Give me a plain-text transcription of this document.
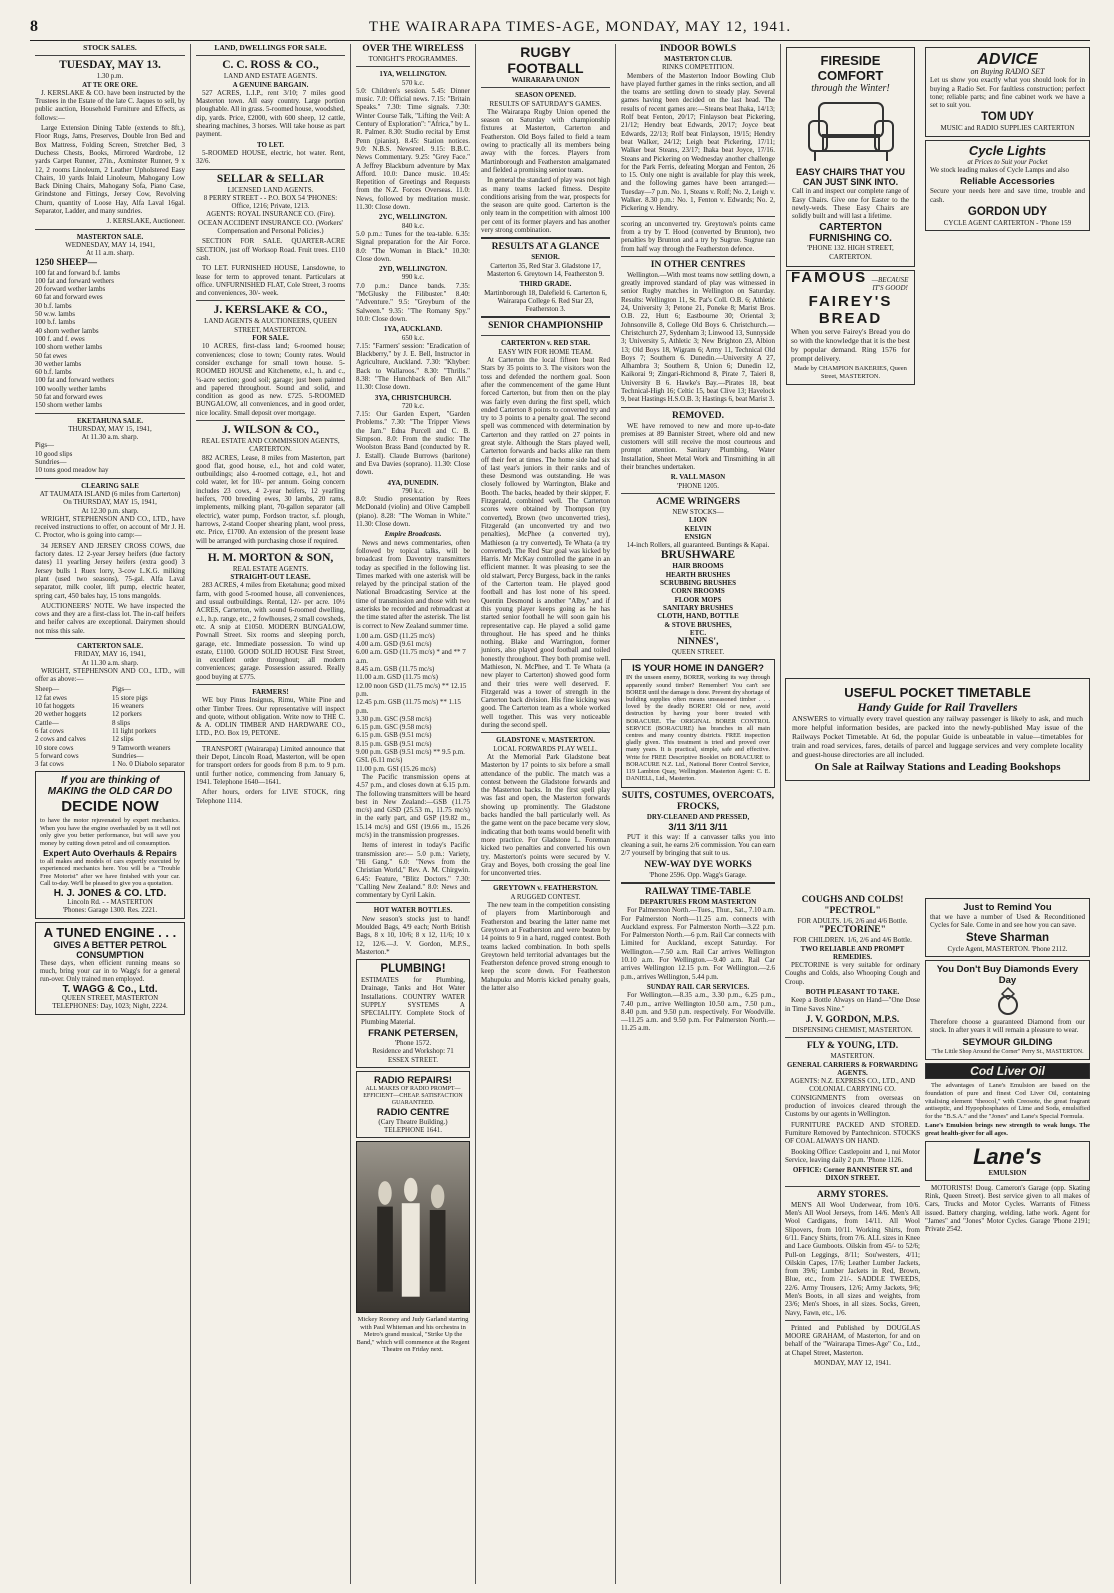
8	THE WAIRARAPA TIMES-AGE, MONDAY, MAY 12, 1941.
STOCK SALES.
TUESDAY, MAY 13.
1.30 p.m.
AT TE ORE ORE.

J. KERSLAKE & CO. have been instructed by the Trustees in the Estate of the late C. Jaques to sell, by public auction, Household Furniture and Effects, as follows:—

Large Extension Dining Table (extends to 8ft.), Floor Rugs, Jams, Preserves, Double Iron Bed and Box Mattress, Folding Screen, Stretcher Bed, 3 Duchess Chests, Books, Mirrored Wardrobe, 12 yards Carpet Runner, 27in., Axminster Runner, 9 x 12, 2 rooms Linoleum, 2 Leather Upholstered Easy Chairs, 10 yards Inlaid Linoleum, Mahogany Low Back Dining Chairs, Mahogany Sofa, Piano Case, Grindstone and Fittings, Jersey Cow, Revolving Churn, quantity of Loose Hay, Alfa Laval 16gal. Separator, Ladder, and many sundries.

J. KERSLAKE, Auctioneer.
MASTERTON SALE.
WEDNESDAY, MAY 14, 1941,
At 11 a.m. sharp.
1250 SHEEP—
100 fat and forward b.f. lambs
100 fat and forward wethers
20 forward wether lambs
60 fat and forward ewes
30 b.f. lambs
50 w.w. lambs
100 b.f. lambs
40 shorn wether lambs
100 f. and f. ewes
100 shorn wether lambs
50 fat ewes
30 wether lambs
60 b.f. lambs
100 fat and forward wethers
100 woolly wether lambs
50 fat and forward ewes
150 shorn wether lambs
EKETAHUNA SALE.
THURSDAY, MAY 15, 1941,
At 11.30 a.m. sharp.
Pigs—
10 good slips
Sundries—
10 tons good meadow hay
CLEARING SALE
AT TAUMATA ISLAND (6 miles from Carterton)
On THURSDAY, MAY 15, 1941,
At 12.30 p.m. sharp.

WRIGHT, STEPHENSON AND CO., LTD., have received instructions to offer, on account of Mr J. H. C. Proctor, who is going into camp:—

34 JERSEY AND JERSEY CROSS COWS, due factory dates. 12 2-year Jersey heifers (due factory dates) 11 yearling Jersey heifers (extra good) 3 Jersey bulls 1 Ruex lorry, 3-cow L.K.G. milking plant (used two seasons), 75-gal. Alfa Laval separator, milk cooler, lift pump, electric heater, spring cart, 450 bales hay, 15 tons mangolds.

AUCTIONEERS' NOTE. We have inspected the cows and they are a first-class lot. The in-calf heifers and heifer calves are exceptional. Dairymen should not miss this sale.

CARTERTON SALE.
FRIDAY, MAY 16, 1941,
At 11.30 a.m. sharp.

WRIGHT, STEPHENSON AND CO., LTD., will offer as above:—

Sheep—
12 fat ewes
10 fat hoggets
20 wether hoggets
Cattle—
6 fat cows
2 cows and calves
10 store cows
5 forward cows
3 fat cows
Pigs—
15 store pigs
16 weaners
12 porkers
8 slips
11 light porkers
12 slips
9 Tamworth weaners
Sundries—
1 No. 0 Diabolo separator
If you are thinking of MAKING the OLD CAR DO
DECIDE NOW

to have the motor rejuvenated by expert mechanics. When you have the engine overhauled by us it will not only give you better performance, but will save you money by cutting down petrol and oil consumption.

Expert Auto Overhauls & Repairs

to all makes and models of cars expertly executed by experienced mechanics here. You will be a "Trouble Free Motorist" after we have finished with your car. Call to-day. We'll be pleased to give you a quotation.

H. J. JONES & CO. LTD.
Lincoln Rd. - - MASTERTON
'Phones: Garage 1300. Res. 2221.
A TUNED ENGINE . . .
GIVES A BETTER PETROL CONSUMPTION

These days, when efficient running means so much, bring your car in to Wagg's for a general run-over. Only trained men employed.

T. WAGG & Co., Ltd.
QUEEN STREET, MASTERTON
TELEPHONES: Day, 1023; Night, 2224.
LAND, DWELLINGS FOR SALE.
C. C. ROSS & CO.,
LAND AND ESTATE AGENTS.
A GENUINE BARGAIN.

527 ACRES, L.I.P., rent 3/10; 7 miles good Masterton town. All easy country. Large portion ploughable. All in grass. 5-roomed house, woodshed, dip, yards. Price, £2000, with 600 sheep, 12 cattle, shearing machines, 3 horses. Will take house as part payment.

TO LET.

5-ROOMED HOUSE, electric, hot water. Rent, 32/6.

SELLAR & SELLAR
LICENSED LAND AGENTS.
8 PERRY STREET - - P.O. BOX 54 'PHONES: Office, 1216; Private, 1213.

AGENTS: ROYAL INSURANCE CO. (Fire). OCEAN ACCIDENT INSURANCE CO. (Workers' Compensation and Personal Policies.)

SECTION FOR SALE. QUARTER-ACRE SECTION, just off Worksop Road. Fruit trees. £110 cash.

TO LET. FURNISHED HOUSE, Lansdowne, to lease for term to approved tenant. Particulars at office. UNFURNISHED FLAT, Cole Street, 3 rooms and conveniences, 30/- week.

J. KERSLAKE & CO.,
LAND AGENTS & AUCTIONEERS, QUEEN STREET, MASTERTON.
FOR SALE.

10 ACRES, first-class land; 6-roomed house; conveniences; close to town; County rates. Would consider exchange for small town house. 5-ROOMED HOUSE and Kitchenette, e.l., h. and c., ¼-acre section; good soil; garage; just been painted and papered throughout. Sound and solid, and condition as good as new. £725. 5-ROOMED BUNGALOW, all conveniences, and in good order, nice locality. Small deposit over mortgage.

J. WILSON & CO.,
REAL ESTATE AND COMMISSION AGENTS, CARTERTON.

882 ACRES, Lease, 8 miles from Masterton, part good flat, good house, e.l., hot and cold water, outbuildings; also 4-roomed cottage, e.l., hot and cold water, let for 10/- per annum. Going concern includes 23 cows, 4 2-year heifers, 12 yearling heifers, 700 breeding ewes, 30 lambs, 20 rams, implements, milking plant, 70-gallon separator (all electric), water pump, Fordson tractor, s.f. plough, harrows, 2-stand Cooper shearing plant, wool press, etc. Price, £1700. An extension of the present lease will be arranged with purchasing chose if required.

H. M. MORTON & SON,
REAL ESTATE AGENTS.
STRAIGHT-OUT LEASE.

283 ACRES, 4 miles from Eketahuna; good mixed farm, with good 5-roomed house, all conveniences, and usual outbuildings. Rental, 12/- per acre. 10½ ACRES, Carterton, with sound 6-roomed dwelling, e.l., h.p. range, etc., 2 fowlhouses, 2 small cowsheds, etc. A snip at £1050. MODERN BUNGALOW, Pownall Street. Six rooms and sleeping porch, garage, etc. Immediate possession. To wind up estate, £1100. GOOD SOLID HOUSE First Street, in excellent order throughout; all modern conveniences; garage. Possession assured. Really good buying at £775.

FARMERS!

WE buy Pinus Insignus, Rimu, White Pine and other Timber Trees. Our representative will inspect and quote, without obligation. Write now to THE C. & A. ODLIN TIMBER AND HARDWARE CO., LTD., P.O. Box 19, PETONE.

TRANSPORT (Wairarapa) Limited announce that their Depot, Lincoln Road, Masterton, will be open for transport orders for goods from 8 p.m. to 9 p.m. until further notice, commencing from January 6, 1941. Telephone 1640—1641.

After hours, orders for LIVE STOCK, ring Telephone 1114.

OVER THE WIRELESS
TONIGHT'S PROGRAMMES.
1YA, WELLINGTON.
570 k.c.

5.0: Children's session. 5.45: Dinner music. 7.0: Official news. 7.15: "Britain Speaks." 7.30: Time signals. 7.30: Winter Course Talk, "Lifting the Veil: A Century of Exploration": "Africa," by L. R. Palmer. 8.30: Studio recital by Ernst Penn (pianist). 8.45: Station notices. 9.0: N.B.S. Newsreel. 9.15: B.B.C. News Commentary. 9.25: "Grey Face." A Jeffrey Blackburn adventure by Max Afford. 10.0: Dance music. 10.45: Repetition of Greetings and Requests from the N.Z. Forces Overseas. 11.0: News, followed by meditation music. 11.30: Close down.

2YC, WELLINGTON.
840 k.c.

5.0 p.m.: Tunes for the tea-table. 6.35: Signal preparation for the Air Force. 8.0: "The Woman in Black." 10.30: Close down.

2YD, WELLINGTON.
990 k.c.

7.0 p.m.: Dance bands. 7.35: "McGlusky the Filibuster." 8.40: "Adventure." 9.5: "Greyburn of the Salween." 9.35: "The Romany Spy." 10.0: Close down.

1YA, AUCKLAND.
650 k.c.

7.15: "Farmers' session: "Eradication of Blackberry," by J. E. Bell, Instructor in Agriculture, Auckland. 7.30: "Khyber: Back to Wallaroos." 8.30: "Thrills." 8.38: "The Hunchback of Ben All." 11.30: Close down.

3YA, CHRISTCHURCH.
720 k.c.

7.15: Our Garden Expert, "Garden Problems." 7.30: "The Tripper Views the Jam." Edna Purcell and C. B. Simpson. 8.0: From the studio: The Woolston Brass Band (conducted by R. J. Estall). Claude Burrows (baritone) and Eva Davies (soprano). 11.30: Close down.

4YA, DUNEDIN.
790 k.c.

8.0: Studio presentation by Rees McDonald (violin) and Olive Campbell (piano). 8.28: "The Woman in White." 11.30: Close down.

Empire Broadcasts.

News and news commentaries, often followed by topical talks, will be broadcast from Daventry transmitters today as specified in the following list. Times marked with one asterisk will be relayed by the principal station of the National Broadcasting Service at the time of transmission and those with two asterisks be recorded and rebroadcast at the time stated after the asterisk. The list is correct to New Zealand summer time.

1.00 a.m. GSD (11.25 mc/s)
4.00 a.m. GSD (9.61 mc/s)
6.00 a.m. GSD (11.75 mc/s) * and ** 7 a.m.
8.45 a.m. GSB (11.75 mc/s)
11.00 a.m. GSD (11.75 mc/s)
12.00 noon GSD (11.75 mc/s) ** 12.15 p.m.
12.45 p.m. GSB (11.75 mc/s) ** 1.15 p.m.
3.30 p.m. GSC (9.58 mc/s)
6.15 p.m. GSC (9.58 mc/s)
6.15 p.m. GSB (9.51 mc/s)
8.15 p.m. GSB (9.51 mc/s)
9.00 p.m. GSB (9.51 mc/s) ** 9.5 p.m.
GSL (6.11 mc/s)
11.00 p.m. GSI (15.26 mc/s)

The Pacific transmission opens at 4.57 p.m., and closes down at 6.15 p.m. The following transmitters will be heard best in New Zealand:—GSB (11.75 mc/s) and GSD (25.53 m., 11.75 mc/s) in the early part, and GSP (19.82 m., 15.14 mc/s) and GSI (19.66 m., 15.26 mc/s) in the transmission progresses.

Items of interest in today's Pacific transmission are:— 5.0 p.m.: Variety, "Hi Gang." 6.0: "News from the Christian World," Rev. A. M. Chirgwin. 6.45: Feature, "Blitz Doctors." 7.30: "Calling New Zealand." 8.0: News and commentary by Cyril Lakin.

HOT WATER BOTTLES.

New season's stocks just to hand! Moulded Bags, 4/9 each; North British Bags, 8 x 10, 10/6; 8 x 12, 11/6; 10 x 12, 12/6.—J. V. Gordon, M.P.S., Masterton.*

PLUMBING!

ESTIMATES for Plumbing, Drainage, Tanks and Hot Water Installations. COUNTRY WATER SUPPLY SYSTEMS A SPECIALITY. Complete Stock of Plumbing Material.

FRANK PETERSEN,
'Phone 1572.
Residence and Workshop: 71 ESSEX STREET.
RADIO REPAIRS!
ALL MAKES OF RADIO PROMPT—EFFICIENT—CHEAP. SATISFACTION GUARANTEED.
RADIO CENTRE
(Cary Theatre Building.) TELEPHONE 1641.
Mickey Rooney and Judy Garland starring with Paul Whiteman and his orchestra in Metro's grand musical, "Strike Up the Band," which will commence at the Regent Theatre on Friday next.
RUGBY FOOTBALL
WAIRARAPA UNION
SEASON OPENED.
RESULTS OF SATURDAY'S GAMES.

The Wairarapa Rugby Union opened the season on Saturday with championship fixtures at Masterton, Carterton and Featherston. Old Boys failed to field a team owing to practically all its members being away with the forces. Players from Martinborough and Featherston amalgamated and fielded a promising senior team.

In general the standard of play was not high as many teams lacked fitness. Despite conditions arising from the war, prospects for the season are quite good. Carterton is the only team in the competition with almost 100 per cent of its former players and has another very strong combination.

RESULTS AT A GLANCE
SENIOR.

Carterton 35, Red Star 3. Gladstone 17, Masterton 6. Greytown 14, Featherston 9.

THIRD GRADE.

Martinborough 18, Dalefield 6. Carterton 6, Wairarapa College 6. Red Star 23, Featherston 3.

SENIOR CHAMPIONSHIP
CARTERTON v. RED STAR.
EASY WIN FOR HOME TEAM.

At Carterton the local fifteen beat Red Stars by 35 points to 3. The visitors won the toss and defended the northern goal. Soon after the commencement of the game Hunt forced Carterton, but from then on the play was fairly even during the first spell, which ended Carterton 8 points to converted try and try to 3 points to a penalty goal. The second spell was commenced with determination by Carterton and they rattled on 27 points in great style. Although the Stars played well, Carterton forwards and backs alike ran them off their feet at times. The home side had six of last year's juniors in their ranks and of these Desmond was outstanding. He was closely followed by Warrington, Blake and Booth. The backs, headed by their skipper, F. Fitzgerald, combined well. The Carterton scores were obtained by Thompson (try converted), Brown (two unconverted tries), Fitzgerald (an unconverted try and two penalties), McPhee (a converted try), Mathieson (a try converted), Te Whata (a try converted). The Red Star goal was kicked by Harris. Mr McKay controlled the game in an efficient manner. It was pleasing to see the old stalwart, Percy Burgess, back in the ranks of the Carterton team. He played good football and has lost none of his speed. Quentin Desmond is another "Alby," and if this young player keeps going as he has started senior football he will soon gain his representative cap. He played a solid game throughout. He has speed and he thinks nothing. Blake and Warrington, former juniors, also played good football and toiled honestly throughout. They both promise well. Mathieson, N. McPhee, and T. Te Whata (a new player to Carterton) showed good form and their tries were well deserved. F. Fitzgerald was a tower of strength in the Carterton back division. His fine kicking was good. The Carterton team as a whole worked well together. This was very noticeable during the second spell.

GLADSTONE v. MASTERTON.
LOCAL FORWARDS PLAY WELL.

At the Memorial Park Gladstone beat Masterton by 17 points to six before a small attendance of the public. The match was a contest between the Gladstone forwards and the Masterton backs. In the first spell play was fast and open, the Masterton forwards showing up prominently. The Gladstone backs handled the ball particularly well. As the game went on the pace became very slow, indicating that both teams would benefit with more practice. For Gladstone L. Foreman kicked two penalties and converted his own try. Masterton's points were secured by V. Gray and Boyes, both crossing the goal line for unconverted tries.

GREYTOWN v. FEATHERSTON.
A RUGGED CONTEST.

The new team in the competition consisting of players from Martinborough and Featherston and bearing the latter name met Greytown at Featherston and were beaten by 14 points to 9 in a hard, rugged contest. Both teams lacked combination. In both spells Greytown held territorial advantages but the Featherston defence proved strong enough to keep the score down. For Featherston Mahupuku and Morris kicked penalty goals, the latter also

INDOOR BOWLS
MASTERTON CLUB.
RINKS COMPETITION.

Members of the Masterton Indoor Bowling Club have played further games in the rinks section, and all the teams are settling down to steady play. Several games having been decided on the last head. The results of recent games are:—Steans beat Ihaka, 14/13; Rolf beat Fenton, 20/17; Finlayson beat Pickering, 21/12; Hendry beat Edwards, 20/17; Joyce beat Edwards, 22/13; Rolf beat Finlayson, 19/15; Hendry beat Walker, 24/12; Leigh beat Pickering, 17/11; Walker beat Steans, 23/17; Ihaka beat Joyce, 17/16. Steans and Pickering on Wednesday another challenge for the Park Ferris, defeating Morgan and Fenton, 26 to 15. Only one night is available for play this week, and the following games have been arranged:—Tuesday—7 p.m. No. 1, Steans v. Rolf; No. 2, Leigh v. Walker. 8.30 p.m.: No. 1, Fenton v. Edwards; No. 2, Pickering v. Hendry.

scoring an unconverted try. Greytown's points came from a try by T. Hood (converted by Brunton), two penalties by Brunton and a try by Sugrue. Sugrue ran from half way through the Featherston defence.

IN OTHER CENTRES

Wellington.—With most teams now settling down, a greatly improved standard of play was witnessed in senior Rugby matches in Wellington on Saturday. Results: Wellington 11, St. Pat's Coll. O.B. 6; Athletic 24, University 3; Petone 21, Poneke 8; Marist Bros. O.B. 22, Hutt 6; Eastbourne 30; Oriental 3; Johnsonville 8, College Old Boys 6. Christchurch.—Christchurch 27, Sydenham 3; Linwood 13, Sunnyside 3; University 5, Athletic 3; New Brighton 23, Albion 13; Old Boys 18, Wigram 6; Army 11, Technical Old Boys 7; Southern 6. Dunedin.—University A 27, Alhambra 3; Southern 8, Union 6; Dunedin 12, Kaikorai 9; Zingari-Richmond 8, Pirate 7, Taieri 8, University B 6. Hawke's Bay.—Pirates 18, beat Technical-High 16; Celtic 15, beat Clive 13; Havelock 9, beat Hastings H.S.O.B. 3; Hastings 6, beat Marist 3.

REMOVED.

WE have removed to new and more up-to-date premises at 89 Bannister Street, where old and new customers will still receive the most courteous and prompt attention. Sanitary Plumbing, Water Installation, Sheet Metal Work and Tinsmithing in all their branches undertaken.

R. VALL MASON
'PHONE 1205.
ACME WRINGERS
NEW STOCKS—
LION
KELVIN
ENSIGN
14-inch Rollers, all guaranteed. Buntings & Kapai.
BRUSHWARE
HAIR BROOMS
HEARTH BRUSHES
SCRUBBING BRUSHES
CORN BROOMS
FLOOR MOPS
SANITARY BRUSHES
CLOTH, HAND, BOTTLE
& STOVE BRUSHES,
ETC.
NINNES',
QUEEN STREET.
IS YOUR HOME IN DANGER?

IN the unseen enemy, BORER, working its way through apparently sound timber? Remember! You can't see BORER until the damage is done. Prevent dry shortage of building supplies often means unseasoned timber . . . loved by the deadly BORER! Old or new, avoid destruction by having your borer treated with BORACURE. The ORIGINAL BORER CONTROL SERVICE (BORACURE) has branches in all main centres and many country districts. FREE inspection gladly given. This treatment is tried and proved over many years. It is practical, simple, safe and effective. Write for FREE Descriptive Booklet on BORACURE to BORACURE N.Z. Ltd., National Borer Control Service, 119 Lambton Quay, Wellington. Masterton Agent: C. E. DANIELL, Ltd., Masterton.

SUITS, COSTUMES, OVERCOATS, FROCKS,
DRY-CLEANED AND PRESSED,
3/11 3/11 3/11

PUT it this way: If a canvasser talks you into cleaning a suit, he earns 2/6 commission. You can earn 2/7 yourself by bringing that suit to us.

NEW-WAY DYE WORKS
'Phone 2596. Opp. Wagg's Garage.
RAILWAY TIME-TABLE
DEPARTURES FROM MASTERTON

For Palmerston North.—Tues., Thur., Sat., 7.10 a.m. For Palmerston North—11.25 a.m. connects with Auckland express. For Palmerston North—3.22 p.m. For Palmerston North.—6 p.m. Rail Car connects with Limited for Auckland, except Saturday. For Wellington.—7.50 a.m. Rail Car arrives Wellington 10.10 a.m. For Wellington.—9.40 a.m. Rail Car arrives Wellington 12.15 p.m. For Wellington.—2.6 p.m., arrives Wellington, 5.44 p.m.

SUNDAY RAIL CAR SERVICES.

For Wellington.—8.35 a.m., 3.30 p.m., 6.25 p.m., 7.40 p.m., arrive Wellington 10.50 a.m., 7.50 p.m., 8.40 p.m. and 9.50 p.m. respectively. For Woodville.—11.25 a.m. and 9.50 p.m. For Palmerston North.—11.25 a.m.

FIRESIDE COMFORT
through the Winter!
EASY CHAIRS THAT YOU CAN JUST SINK INTO.

Call in and inspect our complete range of Easy Chairs. Give one for Easter to the newly-weds. These Easy Chairs are solidly built and will last a lifetime.

CARTERTON FURNISHING CO.
'PHONE 132. HIGH STREET, CARTERTON.
FAMOUS —BECAUSE IT'S GOOD!
FAIREY'S BREAD

When you serve Fairey's Bread you do so with the knowledge that it is the best by popular demand. Ring 1576 for prompt delivery.

Made by CHAMPION BAKERIES, Queen Street, MASTERTON.
ADVICE
on Buying RADIO SET

Let us show you exactly what you should look for in buying a Radio Set. For faultless construction; perfect tone; reliable parts; and fine cabinet work we have a set to suit you.

TOM UDY
MUSIC and RADIO SUPPLIES CARTERTON
Cycle Lights
at Prices to Suit your Pocket

We stock leading makes of Cycle Lamps and also

Reliable Accessories

Secure your needs here and save time, trouble and cash.

GORDON UDY
CYCLE AGENT CARTERTON - 'Phone 159
USEFUL POCKET TIMETABLE
Handy Guide for Rail Travellers

ANSWERS to virtually every travel question any railway passenger is likely to ask, and much more helpful information besides, are packed into the newly-published May issue of the Railways Pocket Timetable. At 6d, the popular Guide is unbeatable in value—timetables for train and road services, fares, details of parcel and luggage services and very complete locality and guest-house directories are all included.

On Sale at Railway Stations and Leading Bookshops
COUGHS AND COLDS!
"PECTROL"
FOR ADULTS. 1/6, 2/6 and 4/6 Bottle.
"PECTORINE"
FOR CHILDREN. 1/6, 2/6 and 4/6 Bottle.
TWO RELIABLE AND PROMPT REMEDIES.

PECTORINE is very suitable for ordinary Coughs and Colds, also Whooping Cough and Croup.

BOTH PLEASANT TO TAKE.

Keep a Bottle Always on Hand—"One Dose in Time Saves Nine."

J. V. GORDON, M.P.S.
DISPENSING CHEMIST, MASTERTON.
FLY & YOUNG, LTD.
MASTERTON.
GENERAL CARRIERS & FORWARDING AGENTS.
AGENTS: N.Z. EXPRESS CO., LTD., AND COLONIAL CARRYING CO.

CONSIGNMENTS from overseas on production of invoices cleared through the Customs by our agents in Wellington.

FURNITURE PACKED AND STORED. Furniture Removed by Pantechnicon. STOCKS OF COAL ALWAYS ON HAND.

Booking Office: Castlepoint and 1, nui Motor Service, leaving daily 2 p.m. 'Phone 1126.

OFFICE: Corner BANNISTER ST. and DIXON STREET.
ARMY STORES.

MEN'S All Wool Underwear, from 10/6. Men's All Wool Jerseys, from 14/6. Men's All Wool Cardigans, from 14/11. All Wool Slipovers, from 10/11. Working Shirts, from 6/11. Fancy Shirts, from 7/6. ALL sizes in Knee and Lace Gumboots. Oilskin from 45/- to 52/6; Pull-on Leggings, 8/11; Sou'westers, 4/11; Oilskin Capes, 17/6; Leather Lumber Jackets, from 39/6; Lumber Jackets in Red, Brown, Blue, etc., from 21/-. SADDLE TWEEDS, 22/6. Army Trousers, 12/6; Army Jackets, 9/6; Men's Boots, in all sizes and weights, from 23/6; Men's Shoes, in all sizes. Socks, Green, Navy, Fawn, etc., 1/6.

Printed and Published by DOUGLAS MOORE GRAHAM, of Masterton, for and on behalf of the "Wairarapa Times-Age" Co., Ltd., at Chapel Street, Masterton.

MONDAY, MAY 12, 1941.
Just to Remind You

that we have a number of Used & Reconditioned Cycles for Sale. Come in and see how you can save.

Steve Sharman
Cycle Agent, MASTERTON. 'Phone 2112.
You Don't Buy Diamonds Every Day

Therefore choose a guaranteed Diamond from our stock. In after years it will remain a pleasure to wear.

SEYMOUR GILDING
"The Little Shop Around the Corner" Perry St., MASTERTON.
Cod Liver Oil

The advantages of Lane's Emulsion are based on the foundation of pure and finest Cod Liver Oil, containing vitalising element "theocol," with Creosote, the great fragrant antiseptic, and Hypophosphates of Lime and Soda, emulsified for the "B.S.A." and the "Jones" and Lane's Special Formula.

Lane's Emulsion brings new strength to weak lungs. The great health-giver for all ages.

Lane's
EMULSION

MOTORISTS! Doug. Cameron's Garage (opp. Skating Rink, Queen Street). Best service given to all makes of Cars, Trucks and Motor Cycles. Warrants of Fitness issued. Battery charging, welding, lathe work. Agent for "James" and "Jones" Motor Cycles. Garage 'Phone 2191; Private 2542.
